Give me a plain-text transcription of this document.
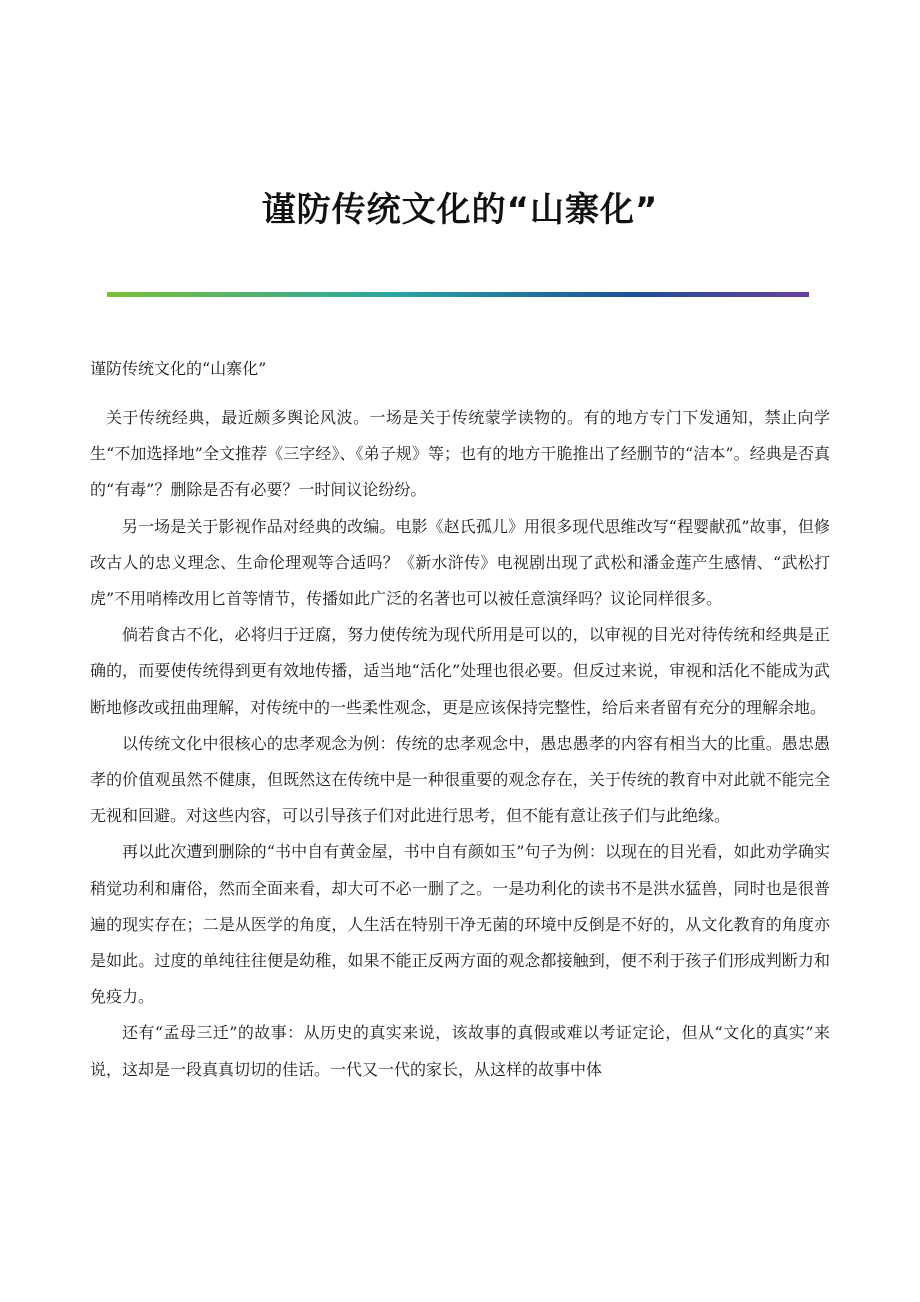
谨防传统文化的“山寨化”

谨防传统文化的“山寨化”

关于传统经典，最近颇多舆论风波。一场是关于传统蒙学读物的。有的地方专门下发通知，禁止向学生“不加选择地”全文推荐《三字经》、《弟子规》等；也有的地方干脆推出了经删节的“洁本”。经典是否真的“有毒”？删除是否有必要？一时间议论纷纷。

另一场是关于影视作品对经典的改编。电影《赵氏孤儿》用很多现代思维改写“程婴献孤”故事，但修改古人的忠义理念、生命伦理观等合适吗？《新水浒传》电视剧出现了武松和潘金莲产生感情、“武松打虎”不用哨棒改用匕首等情节，传播如此广泛的名著也可以被任意演绎吗？议论同样很多。

倘若食古不化，必将归于迂腐，努力使传统为现代所用是可以的，以审视的目光对待传统和经典是正确的，而要使传统得到更有效地传播，适当地“活化”处理也很必要。但反过来说，审视和活化不能成为武断地修改或扭曲理解，对传统中的一些柔性观念，更是应该保持完整性，给后来者留有充分的理解余地。

以传统文化中很核心的忠孝观念为例：传统的忠孝观念中，愚忠愚孝的内容有相当大的比重。愚忠愚孝的价值观虽然不健康，但既然这在传统中是一种很重要的观念存在，关于传统的教育中对此就不能完全无视和回避。对这些内容，可以引导孩子们对此进行思考，但不能有意让孩子们与此绝缘。

再以此次遭到删除的“书中自有黄金屋，书中自有颜如玉”句子为例：以现在的目光看，如此劝学确实稍觉功利和庸俗，然而全面来看，却大可不必一删了之。一是功利化的读书不是洪水猛兽，同时也是很普遍的现实存在；二是从医学的角度，人生活在特别干净无菌的环境中反倒是不好的，从文化教育的角度亦是如此。过度的单纯往往便是幼稚，如果不能正反两方面的观念都接触到，便不利于孩子们形成判断力和免疫力。

还有“孟母三迁”的故事：从历史的真实来说，该故事的真假或难以考证定论，但从“文化的真实”来说，这却是一段真真切切的佳话。一代又一代的家长，从这样的故事中体
